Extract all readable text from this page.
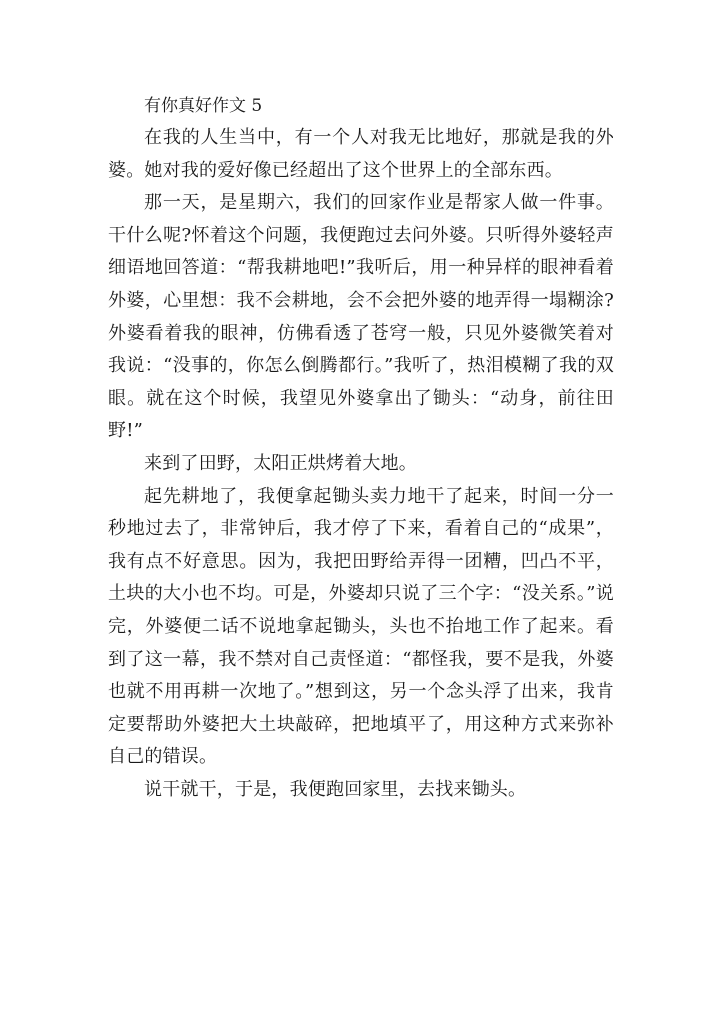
有你真好作文 5

在我的人生当中，有一个人对我无比地好，那就是我的外婆。她对我的爱好像已经超出了这个世界上的全部东西。

那一天，是星期六，我们的回家作业是帮家人做一件事。干什么呢?怀着这个问题，我便跑过去问外婆。只听得外婆轻声细语地回答道：“帮我耕地吧!”我听后，用一种异样的眼神看着外婆，心里想：我不会耕地，会不会把外婆的地弄得一塌糊涂?外婆看着我的眼神，仿佛看透了苍穹一般，只见外婆微笑着对我说：“没事的，你怎么倒腾都行。”我听了，热泪模糊了我的双眼。就在这个时候，我望见外婆拿出了锄头：“动身，前往田野!”

来到了田野，太阳正烘烤着大地。

起先耕地了，我便拿起锄头卖力地干了起来，时间一分一秒地过去了，非常钟后，我才停了下来，看着自己的“成果”，我有点不好意思。因为，我把田野给弄得一团糟，凹凸不平，土块的大小也不均。可是，外婆却只说了三个字：“没关系。”说完，外婆便二话不说地拿起锄头，头也不抬地工作了起来。看到了这一幕，我不禁对自己责怪道：“都怪我，要不是我，外婆也就不用再耕一次地了。”想到这，另一个念头浮了出来，我肯定要帮助外婆把大土块敲碎，把地填平了，用这种方式来弥补自己的错误。

说干就干，于是，我便跑回家里，去找来锄头。
